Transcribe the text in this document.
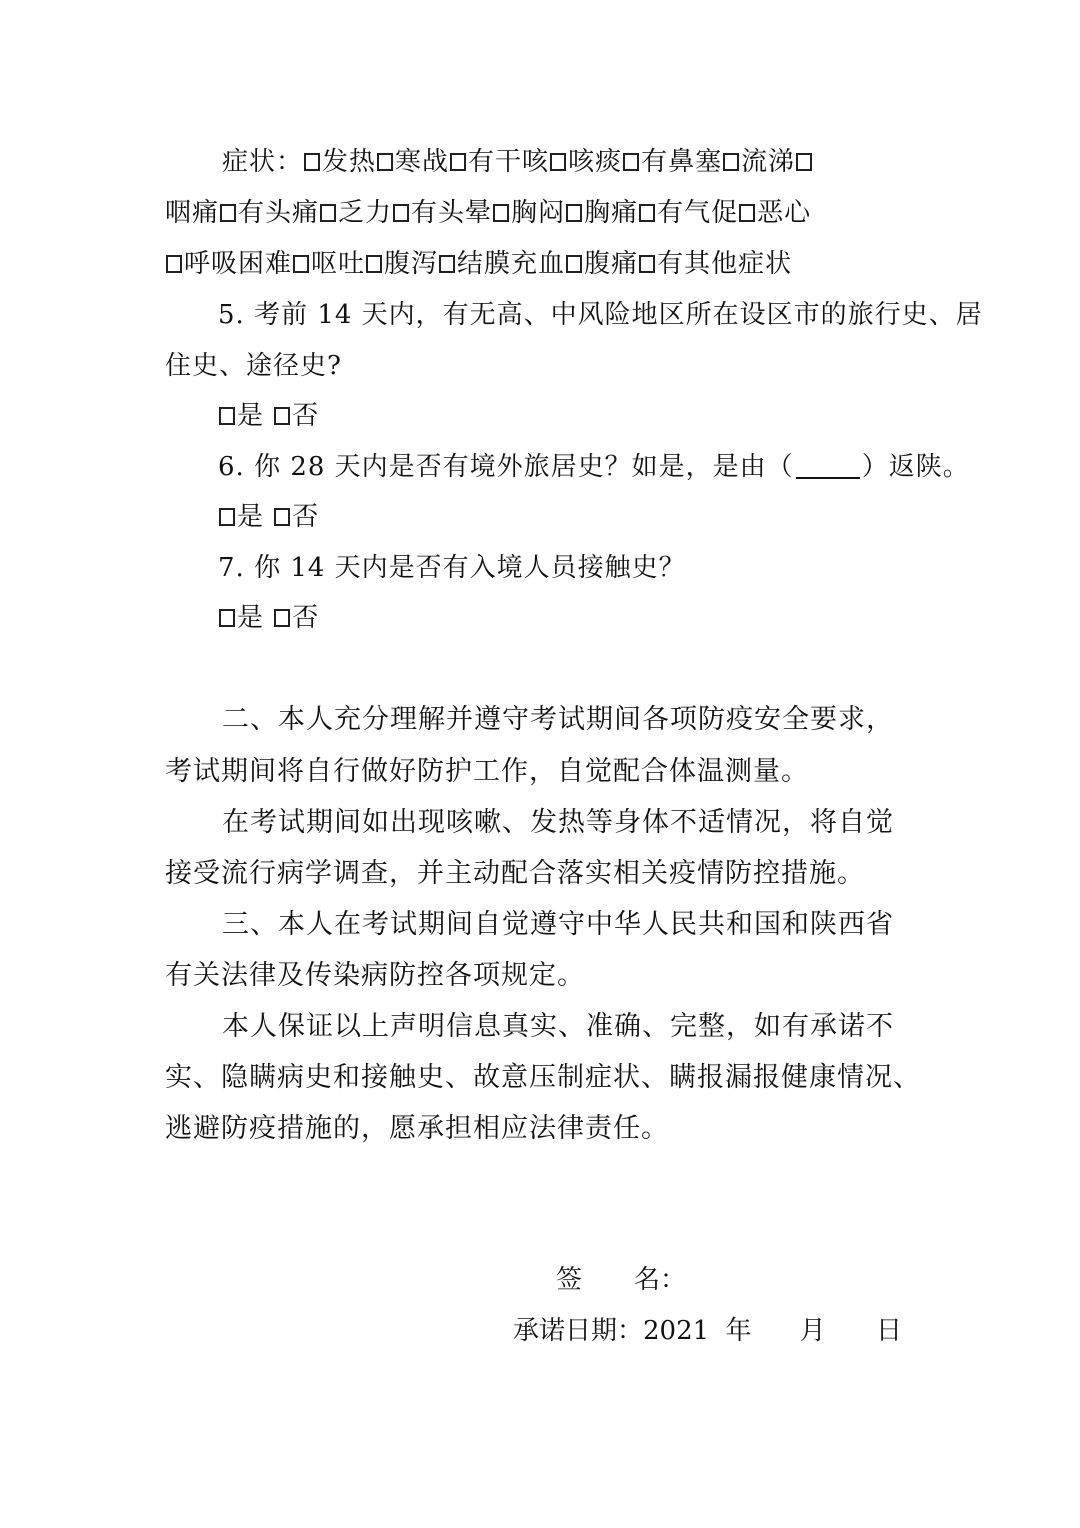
症状： 发热 寒战 有干咳 咳痰 有鼻塞 流涕
咽痛 有头痛 乏力 有头晕 胸闷 胸痛 有气促 恶心
呼吸困难 呕吐 腹泻 结膜充血 腹痛 有其他症状
5. 考前 14 天内，有无高、中风险地区所在设区市的旅行史、居
住史、途径史?
是 否
6. 你 28 天内是否有境外旅居史？如是，是由（	）返陕。
是 否
7. 你 14 天内是否有入境人员接触史？
是 否
二、本人充分理解并遵守考试期间各项防疫安全要求，
考试期间将自行做好防护工作，自觉配合体温测量。
在考试期间如出现咳嗽、发热等身体不适情况，将自觉
接受流行病学调查，并主动配合落实相关疫情防控措施。
三、本人在考试期间自觉遵守中华人民共和国和陕西省
有关法律及传染病防控各项规定。
本人保证以上声明信息真实、准确、完整，如有承诺不
实、隐瞒病史和接触史、故意压制症状、瞒报漏报健康情况、
逃避防疫措施的，愿承担相应法律责任。
签　　名：
承诺日期：2021 年 月 日
